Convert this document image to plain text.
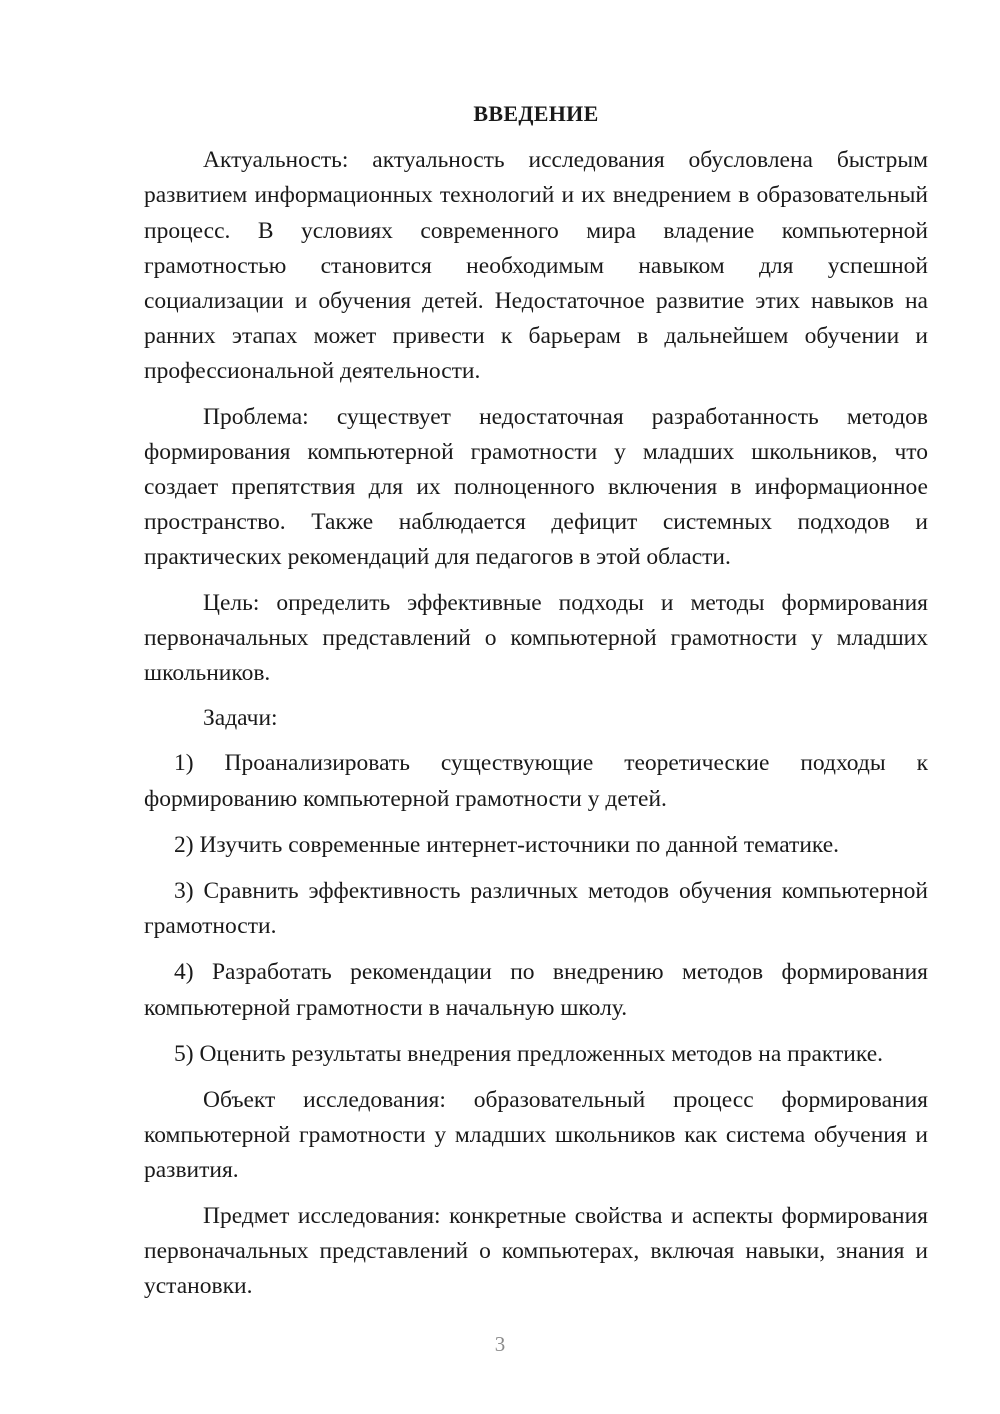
ВВЕДЕНИЕ

Актуальность: актуальность исследования обусловлена быстрым развитием информационных технологий и их внедрением в образовательный процесс. В условиях современного мира владение компьютерной грамотностью становится необходимым навыком для успешной социализации и обучения детей. Недостаточное развитие этих навыков на ранних этапах может привести к барьерам в дальнейшем обучении и профессиональной деятельности.

Проблема: существует недостаточная разработанность методов формирования компьютерной грамотности у младших школьников, что создает препятствия для их полноценного включения в информационное пространство. Также наблюдается дефицит системных подходов и практических рекомендаций для педагогов в этой области.

Цель: определить эффективные подходы и методы формирования первоначальных представлений о компьютерной грамотности у младших школьников.

Задачи:

1) Проанализировать существующие теоретические подходы к формированию компьютерной грамотности у детей.

2) Изучить современные интернет-источники по данной тематике.

3) Сравнить эффективность различных методов обучения компьютерной грамотности.

4) Разработать рекомендации по внедрению методов формирования компьютерной грамотности в начальную школу.

5) Оценить результаты внедрения предложенных методов на практике.

Объект исследования: образовательный процесс формирования компьютерной грамотности у младших школьников как система обучения и развития.

Предмет исследования: конкретные свойства и аспекты формирования первоначальных представлений о компьютерах, включая навыки, знания и установки.

3
